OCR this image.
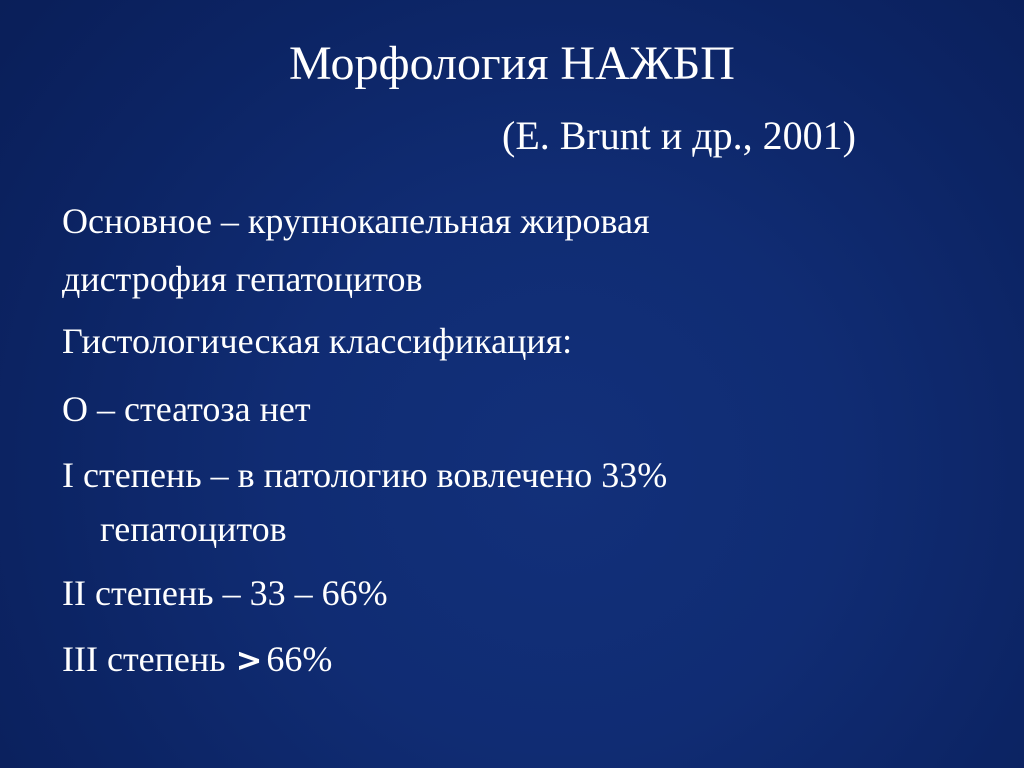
Морфология НАЖБП
(E. Brunt и др., 2001)
Основное – крупнокапельная жировая
дистрофия гепатоцитов
Гистологическая классификация:
О – стеатоза нет
I степень – в патологию вовлечено 33%
гепатоцитов
II степень – 33 – 66%
III степень > 66%
